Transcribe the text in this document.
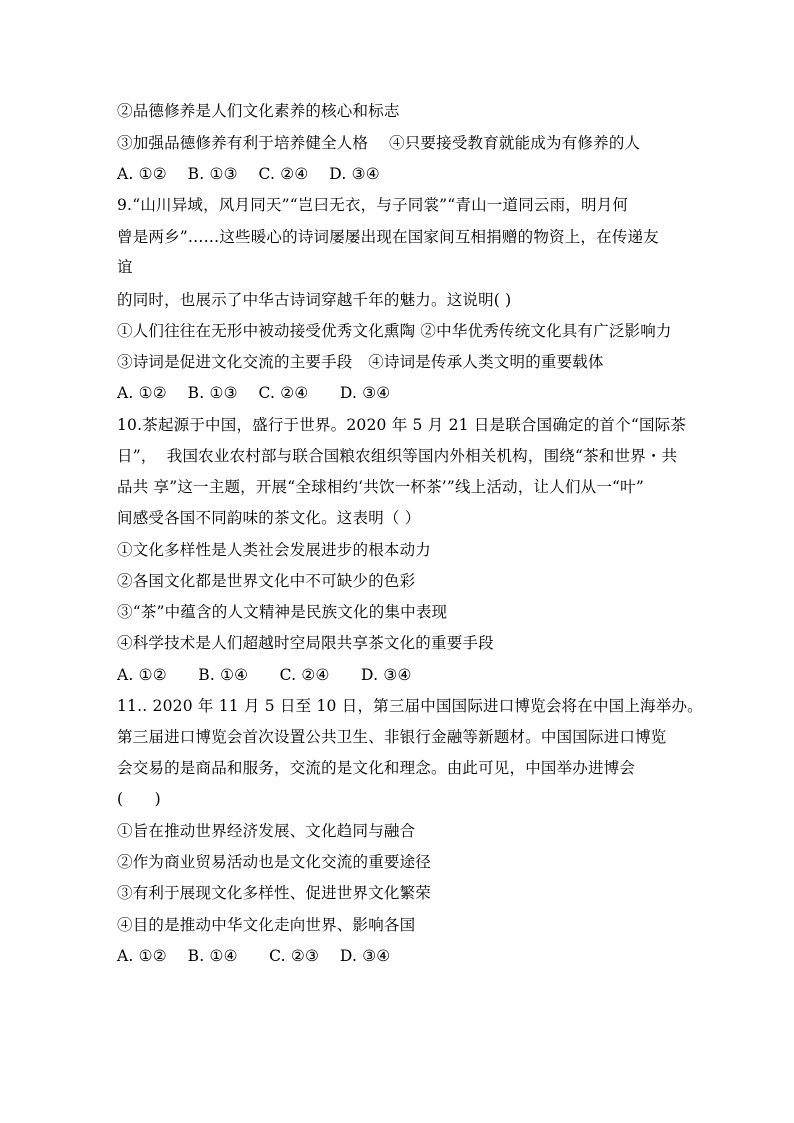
②品德修养是人们文化素养的核心和标志
③加强品德修养有利于培养健全人格　 ④只要接受教育就能成为有修养的人
A. ①②　 B. ①③　 C. ②④　 D. ③④
9.“山川异域，风月同天”“岂曰无衣，与子同裳”“青山一道同云雨，明月何
曾是两乡”……这些暖心的诗词屡屡出现在国家间互相捐赠的物资上，在传递友
谊
的同时，也展示了中华古诗词穿越千年的魅力。这说明( )
①人们往往在无形中被动接受优秀文化熏陶 ②中华优秀传统文化具有广泛影响力
③诗词是促进文化交流的主要手段　④诗词是传承人类文明的重要载体
A. ①②　 B. ①③　 C. ②④　　D. ③④
10.茶起源于中国，盛行于世界。2020 年 5 月 21 日是联合国确定的首个“国际茶
日”，  我国农业农村部与联合国粮农组织等国内外相关机构，围绕“茶和世界・共
品共 享”这一主题，开展“全球相约‘共饮一杯茶’”线上活动，让人们从一“叶”
间感受各国不同韵味的茶文化。这表明（ ）
①文化多样性是人类社会发展进步的根本动力
②各国文化都是世界文化中不可缺少的色彩
③“茶”中蕴含的人文精神是民族文化的集中表现
④科学技术是人们超越时空局限共享茶文化的重要手段
A. ①②　　B. ①④　　C. ②④　　D. ③④
11.. 2020 年 11 月 5 日至 10 日，第三届中国国际进口博览会将在中国上海举办。
第三届进口博览会首次设置公共卫生、非银行金融等新题材。中国国际进口博览
会交易的是商品和服务，交流的是文化和理念。由此可见，中国举办进博会
(　　)
①旨在推动世界经济发展、文化趋同与融合
②作为商业贸易活动也是文化交流的重要途径
③有利于展现文化多样性、促进世界文化繁荣
④目的是推动中华文化走向世界、影响各国
A. ①②　 B. ①④　　C. ②③　 D. ③④
